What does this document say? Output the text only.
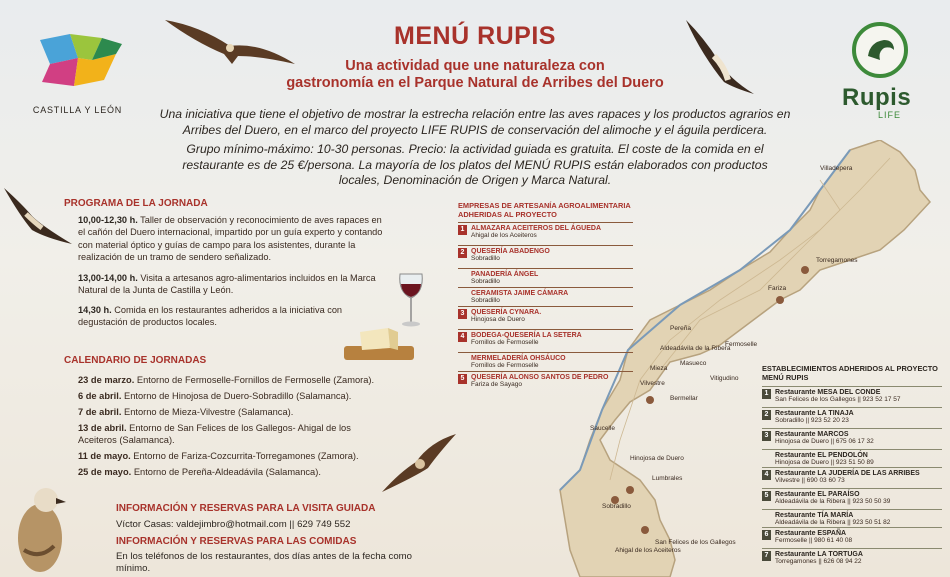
CASTILLA Y LEÓN	Rupis
LIFE
MENÚ RUPIS
Una actividad que une naturaleza con
gastronomía en el Parque Natural de Arribes del Duero
Una iniciativa que tiene el objetivo de mostrar la estrecha relación entre las aves rapaces y los productos agrarios en Arribes del Duero, en el marco del proyecto LIFE RUPIS de conservación del alimoche y el águila perdicera.
Grupo mínimo-máximo: 10-30 personas. Precio: la actividad guiada es gratuita. El coste de la comida en el restaurante es de 25 €/persona. La mayoría de los platos del MENÚ RUPIS están elaborados con productos locales, Denominación de Origen y Marca Natural.
PROGRAMA DE LA JORNADA
10,00-12,30 h. Taller de observación y reconocimiento de aves rapaces en el cañón del Duero internacional, impartido por un guía experto y contando con material óptico y guías de campo para los asistentes, durante la realización de un tramo de sendero señalizado.
13,00-14,00 h. Visita a artesanos agro-alimentarios incluidos en la Marca Natural de la Junta de Castilla y León.
14,30 h. Comida en los restaurantes adheridos a la iniciativa con degustación de productos locales.
CALENDARIO DE JORNADAS
23 de marzo. Entorno de Fermoselle-Fornillos de Fermoselle (Zamora).
6 de abril. Entorno de Hinojosa de Duero-Sobradillo (Salamanca).
7 de abril. Entorno de Mieza-Vilvestre (Salamanca).
13 de abril. Entorno de San Felices de los Gallegos- Ahigal de los Aceiteros (Salamanca).
11 de mayo. Entorno de Fariza-Cozcurrita-Torregamones (Zamora).
25 de mayo. Entorno de Pereña-Aldeadávila (Salamanca).
INFORMACIÓN Y RESERVAS PARA LA VISITA GUIADA
Víctor Casas: valdejimbro@hotmail.com || 629 749 552
INFORMACIÓN Y RESERVAS PARA LAS COMIDAS
En los teléfonos de los restaurantes, dos días antes de la fecha como mínimo.
Villadepera
Fariza
Torregamones
Fermoselle
Aldeadávila de la Ribera
Vilvestre
Hinojosa de Duero
Lumbrales
Sobradillo
San Felices de los Gallegos
Ahigal de los Aceiteros
Saucelle
Pereña
Mieza
Bermellar
Masueco
Vitigudino
EMPRESAS DE ARTESANÍA AGROALIMENTARIA ADHERIDAS AL PROYECTO
1 ALMAZARA ACEITEROS DEL ÁGUEDA
Ahigal de los Aceiteros
2 QUESERÍA ABADENGO
Sobradillo
PANADERÍA ÁNGEL
Sobradillo
CERAMISTA JAIME CÁMARA
Sobradillo
3 QUESERÍA CYNARA.
Hinojosa de Duero
4 BODEGA-QUESERÍA LA SETERA
Fornillos de Fermoselle
MERMELADERÍA OHSÁUCO
Fornillos de Fermoselle
5 QUESERÍA ALONSO SANTOS DE PEDRO
Fariza de Sayago
ESTABLECIMIENTOS ADHERIDOS AL PROYECTO MENÚ RUPIS
1 Restaurante MESA DEL CONDE
San Felices de los Gallegos || 923 52 17 57
2 Restaurante LA TINAJA
Sobradillo || 923 52 20 23
3 Restaurante MARCOS
Hinojosa de Duero || 675 06 17 32
Restaurante EL PENDOLÓN
Hinojosa de Duero || 923 51 50 89
4 Restaurante LA JUDERÍA DE LAS ARRIBES
Vilvestre || 690 03 60 73
5 Restaurante EL PARAÍSO
Aldeadávila de la Ribera || 923 50 50 39
Restaurante TÍA MARÍA
Aldeadávila de la Ribera || 923 50 51 82
6 Restaurante ESPAÑA
Fermoselle || 980 61 40 08
7 Restaurante LA TORTUGA
Torregamones || 626 08 94 22
